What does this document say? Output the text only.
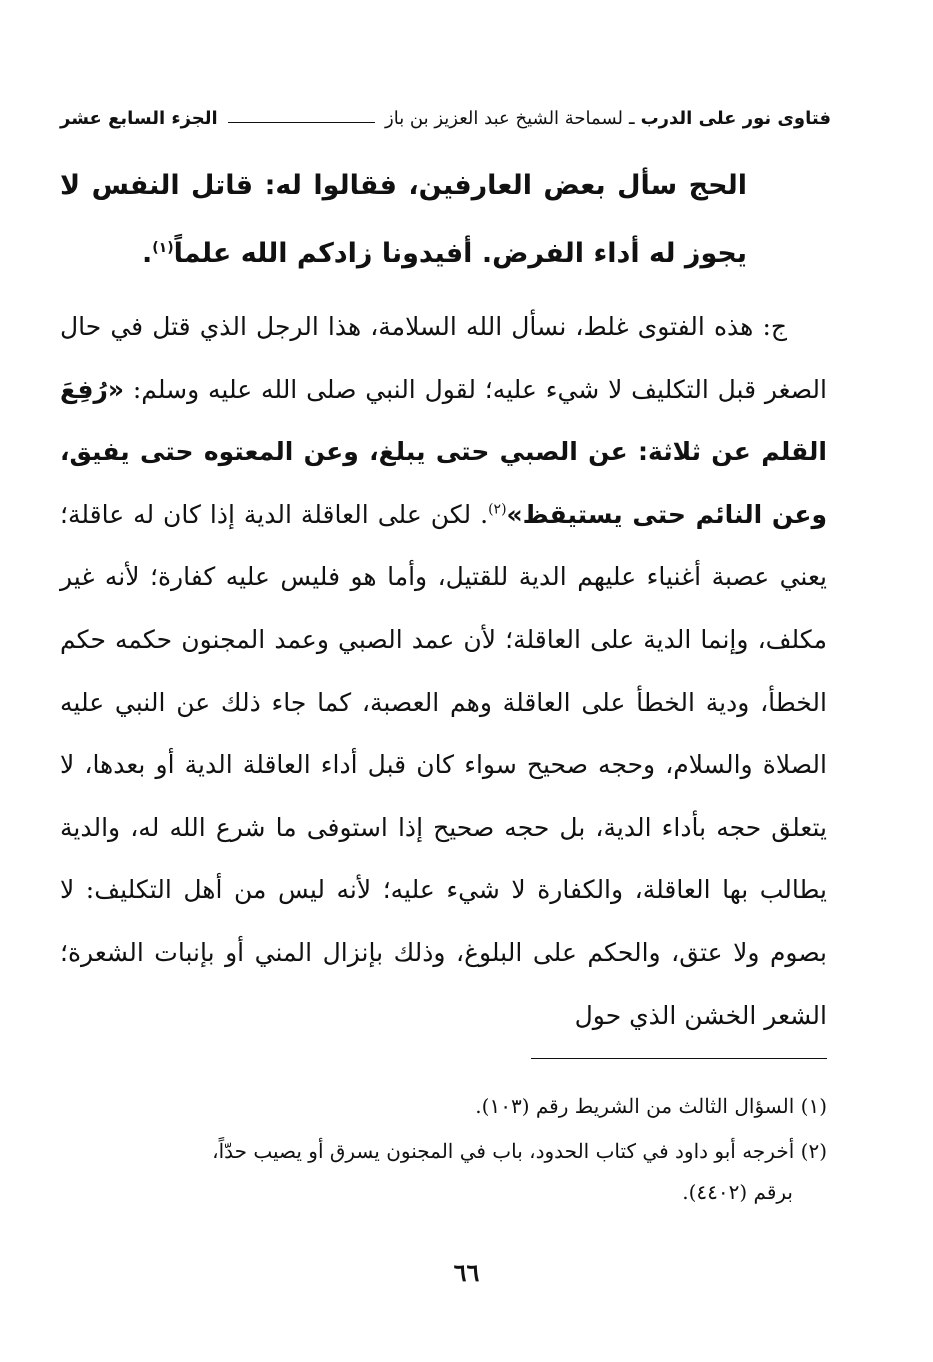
فتاوى نور على الدرب
ـ
لسماحة الشيخ عبد العزيز بن باز
الجزء السابع عشر

الحج سأل بعض العارفين، فقالوا له: قاتل النفس لا يجوز له أداء الفرض. أفيدونا زادكم الله علماً$^{(١)}$.

ج: هذه الفتوى غلط، نسأل الله السلامة، هذا الرجل الذي قتل في حال الصغر قبل التكليف لا شيء عليه؛ لقول النبي صلى الله عليه وسلم: «رُفِعَ القلم عن ثلاثة: عن الصبي حتى يبلغ، وعن المعتوه حتى يفيق، وعن النائم حتى يستيقظ»$^{(٢)}$. لكن على العاقلة الدية إذا كان له عاقلة؛ يعني عصبة أغنياء عليهم الدية للقتيل، وأما هو فليس عليه كفارة؛ لأنه غير مكلف، وإنما الدية على العاقلة؛ لأن عمد الصبي وعمد المجنون حكمه حكم الخطأ، ودية الخطأ على العاقلة وهم العصبة، كما جاء ذلك عن النبي عليه الصلاة والسلام، وحجه صحيح سواء كان قبل أداء العاقلة الدية أو بعدها، لا يتعلق حجه بأداء الدية، بل حجه صحيح إذا استوفى ما شرع الله له، والدية يطالب بها العاقلة، والكفارة لا شيء عليه؛ لأنه ليس من أهل التكليف: لا بصوم ولا عتق، والحكم على البلوغ، وذلك بإنزال المني أو بإنبات الشعرة؛ الشعر الخشن الذي حول

(١) السؤال الثالث من الشريط رقم (١٠٣).

(٢) أخرجه أبو داود في كتاب الحدود، باب في المجنون يسرق أو يصيب حدّاً،
برقم (٤٤٠٢).

٦٦
